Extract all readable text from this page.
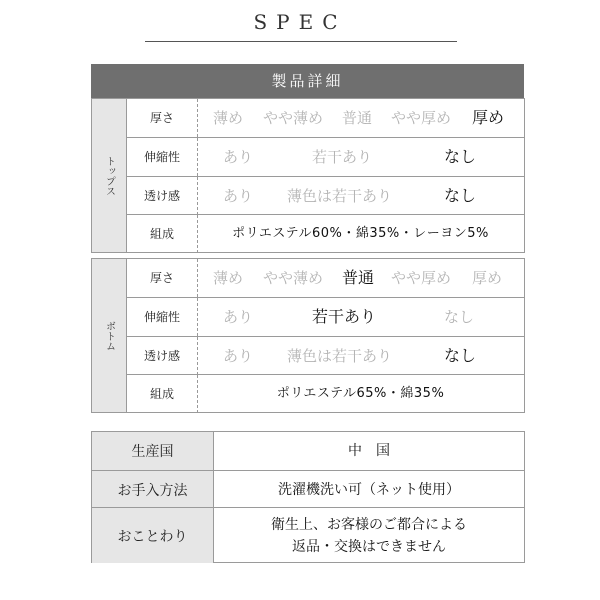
SPEC
製品詳細
トップス
厚さ	薄め やや薄め 普通 やや厚め 厚め
伸縮性	あり	若干あり	なし
透け感	あり 薄色は若干あり	なし
組成	ポリエステル60%・綿35%・レーヨン5%
ボトム
厚さ	薄め やや薄め 普通 やや厚め 厚め
伸縮性	あり	若干あり	なし
透け感	あり 薄色は若干あり	なし
組成	ポリエステル65%・綿35%
生産国	中　国
お手入方法	洗濯機洗い可（ネット使用）
おことわり
衛生上、お客様のご都合による
返品・交換はできません
